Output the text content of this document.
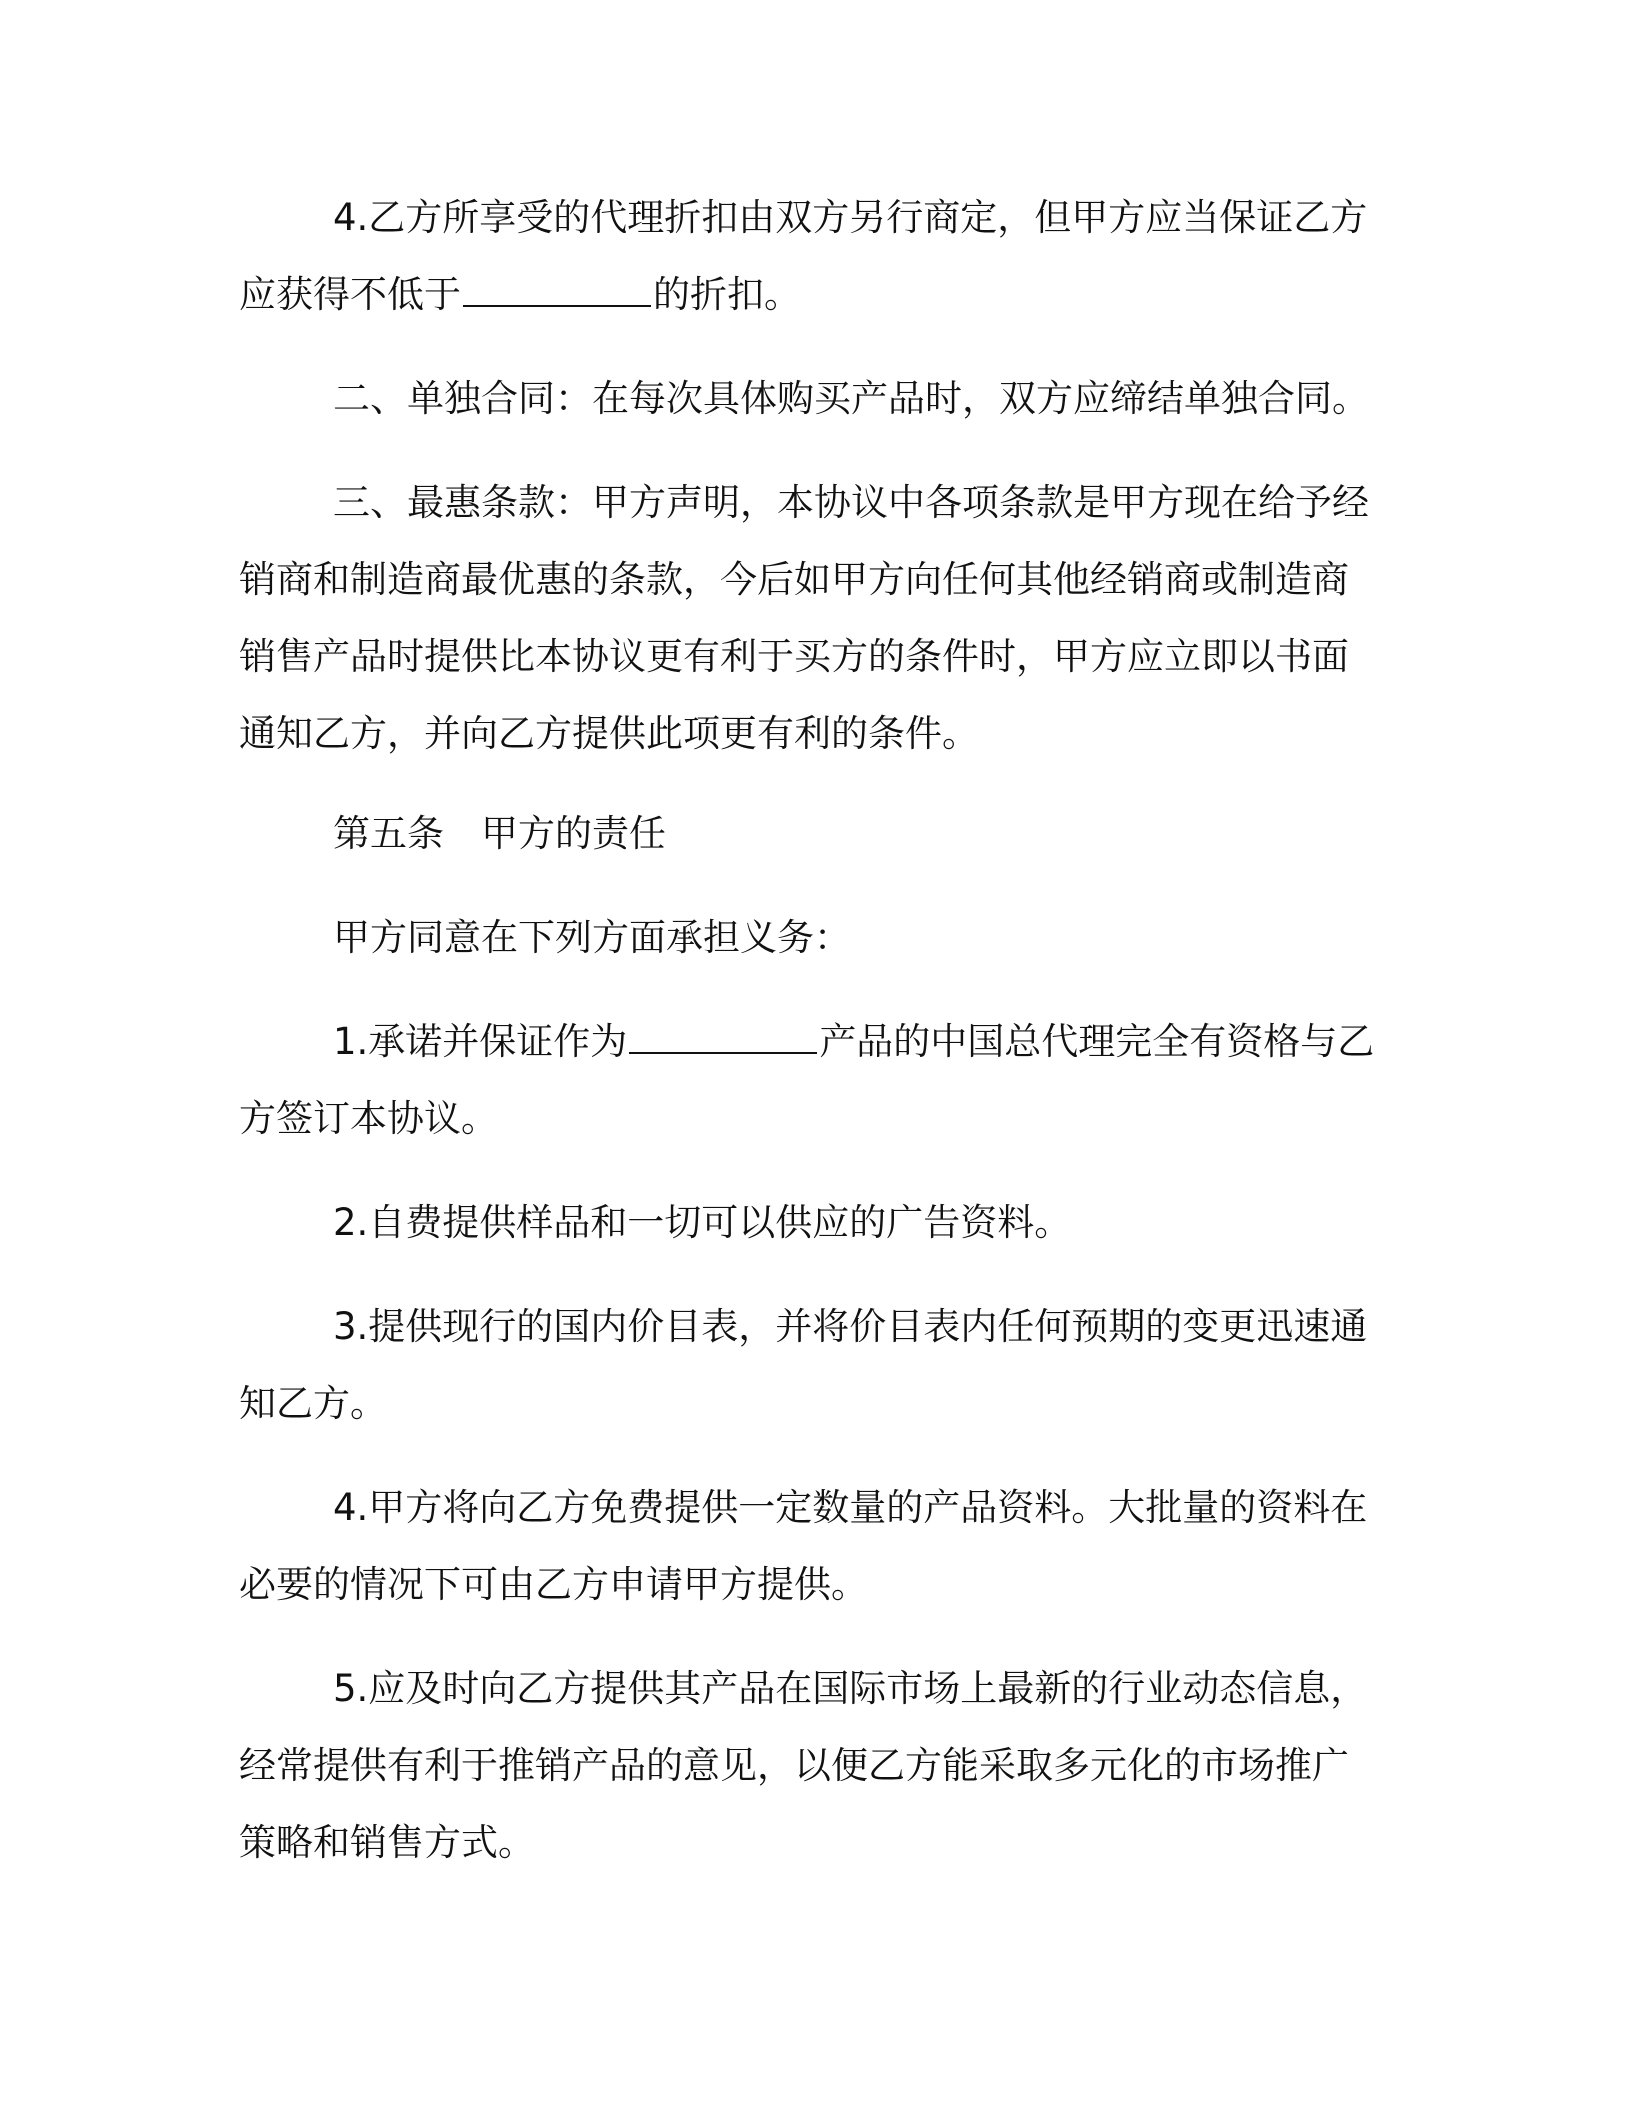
4.乙方所享受的代理折扣由双方另行商定，但甲方应当保证乙方
应获得不低于	的折扣。
二、单独合同：在每次具体购买产品时，双方应缔结单独合同。
三、最惠条款：甲方声明，本协议中各项条款是甲方现在给予经
销商和制造商最优惠的条款，今后如甲方向任何其他经销商或制造商
销售产品时提供比本协议更有利于买方的条件时，甲方应立即以书面
通知乙方，并向乙方提供此项更有利的条件。
第五条　甲方的责任
甲方同意在下列方面承担义务：
1.承诺并保证作为	产品的中国总代理完全有资格与乙
方签订本协议。
2.自费提供样品和一切可以供应的广告资料。
3.提供现行的国内价目表，并将价目表内任何预期的变更迅速通
知乙方。
4.甲方将向乙方免费提供一定数量的产品资料。大批量的资料在
必要的情况下可由乙方申请甲方提供。
5.应及时向乙方提供其产品在国际市场上最新的行业动态信息，
经常提供有利于推销产品的意见，以便乙方能采取多元化的市场推广
策略和销售方式。
